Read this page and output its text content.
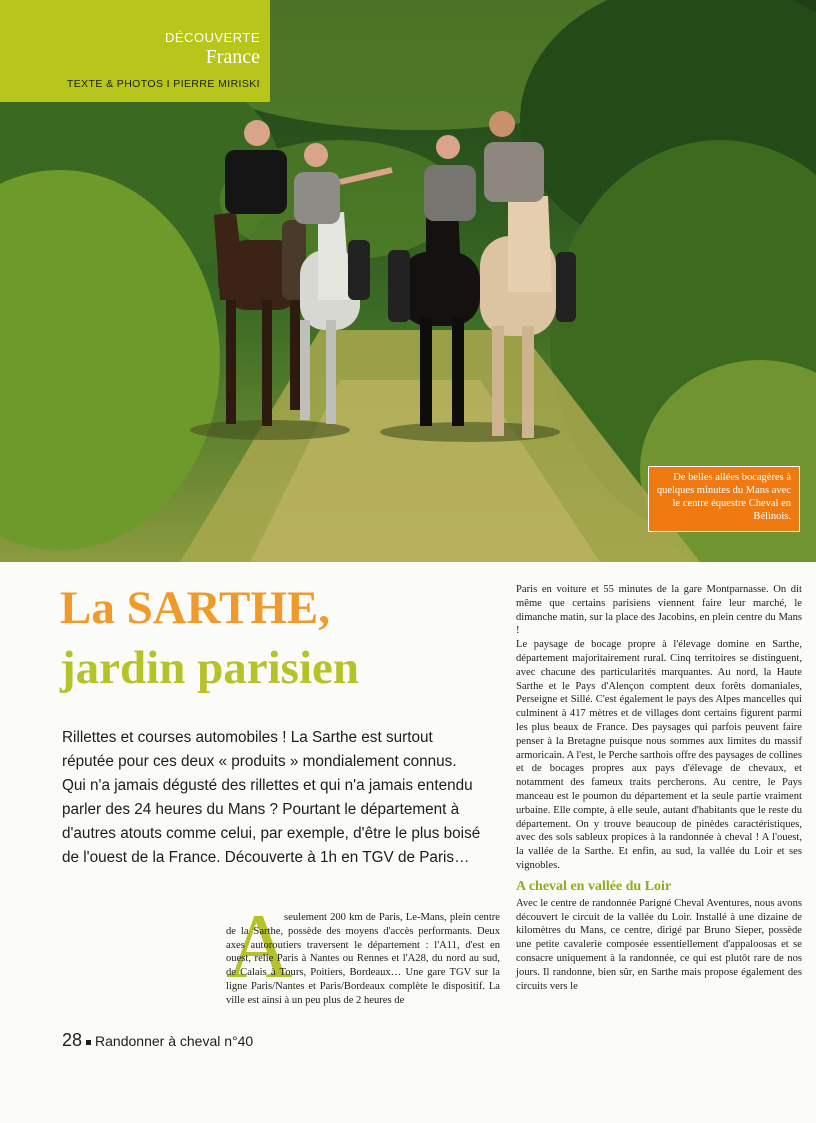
DÉCOUVERTE
France
TEXTE & PHOTOS I PIERRE MIRISKI
De belles allées bocagères à quelques minutes du Mans avec le centre équestre Cheval en Bélinois.
La SARTHE,
jardin parisien

Rillettes et courses automobiles ! La Sarthe est surtout réputée pour ces deux « produits » mondialement connus. Qui n'a jamais dégusté des rillettes et qui n'a jamais entendu parler des 24 heures du Mans ? Pourtant le département à d'autres atouts comme celui, par exemple, d'être le plus boisé de l'ouest de la France. Découverte à 1h en TGV de Paris…

A

seulement 200 km de Paris, Le-Mans, plein centre de la Sarthe, possède des moyens d'accès performants. Deux axes autoroutiers traversent le département : l'A11, d'est en ouest, relie Paris à Nantes ou Rennes et l'A28, du nord au sud, de Calais à Tours, Poitiers, Bordeaux… Une gare TGV sur la ligne Paris/Nantes et Paris/Bordeaux complète le dispositif. La ville est ainsi à un peu plus de 2 heures de

Paris en voiture et 55 minutes de la gare Montparnasse. On dit même que certains parisiens viennent faire leur marché, le dimanche matin, sur la place des Jacobins, en plein centre du Mans !

Le paysage de bocage propre à l'élevage domine en Sarthe, département majoritairement rural. Cinq territoires se distinguent, avec chacune des particularités marquantes. Au nord, la Haute Sarthe et le Pays d'Alençon comptent deux forêts domaniales, Perseigne et Sillé. C'est également le pays des Alpes mancelles qui culminent à 417 mètres et de villages dont certains figurent parmi les plus beaux de France. Des paysages qui parfois peuvent faire penser à la Bretagne puisque nous sommes aux limites du massif armoricain. A l'est, le Perche sarthois offre des paysages de collines et de bocages propres aux pays d'élevage de chevaux, et notamment des fameux traits percherons. Au centre, le Pays manceau est le poumon du département et la seule partie vraiment urbaine. Elle compte, à elle seule, autant d'habitants que le reste du département. On y trouve beaucoup de pinèdes caractéristiques, avec des sols sableux propices à la randonnée à cheval ! A l'ouest, la vallée de la Sarthe. Et enfin, au sud, la vallée du Loir et ses vignobles.

A cheval en vallée du Loir

Avec le centre de randonnée Parigné Cheval Aventures, nous avons découvert le circuit de la vallée du Loir. Installé à une dizaine de kilomètres du Mans, ce centre, dirigé par Bruno Sieper, possède une petite cavalerie composée essentiellement d'appaloosas et se consacre uniquement à la randonnée, ce qui est plutôt rare de nos jours. Il randonne, bien sûr, en Sarthe mais propose également des circuits vers le

28 Randonner à cheval n°40
